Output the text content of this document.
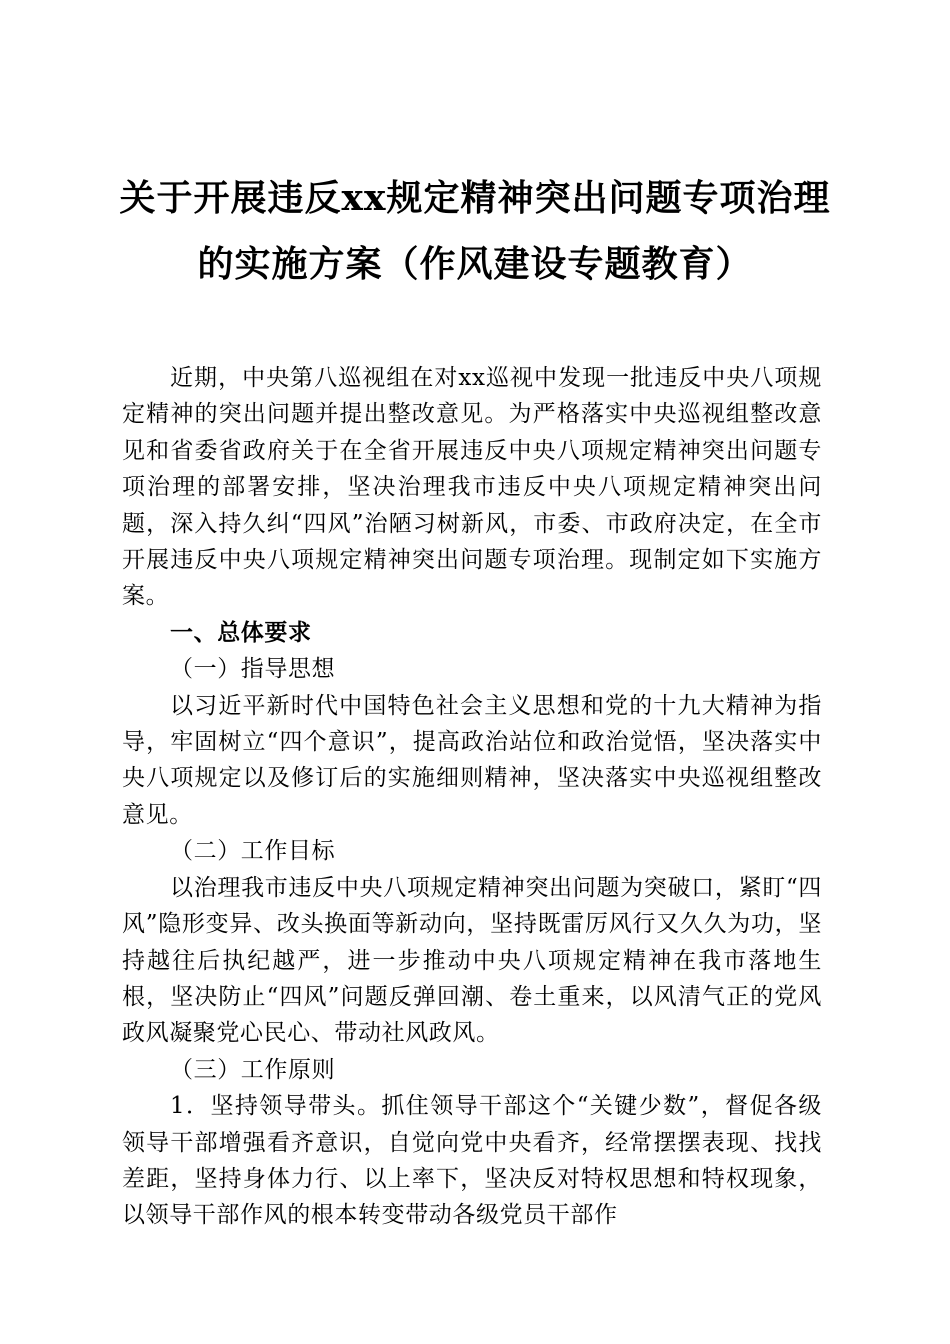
关于开展违反xx规定精神突出问题专项治理
的实施方案（作风建设专题教育）

近期，中央第八巡视组在对xx巡视中发现一批违反中央八项规定精神的突出问题并提出整改意见。为严格落实中央巡视组整改意见和省委省政府关于在全省开展违反中央八项规定精神突出问题专项治理的部署安排，坚决治理我市违反中央八项规定精神突出问题，深入持久纠“四风”治陋习树新风，市委、市政府决定，在全市开展违反中央八项规定精神突出问题专项治理。现制定如下实施方案。

一、总体要求

（一）指导思想

以习近平新时代中国特色社会主义思想和党的十九大精神为指导，牢固树立“四个意识”，提高政治站位和政治觉悟，坚决落实中央八项规定以及修订后的实施细则精神，坚决落实中央巡视组整改意见。

（二）工作目标

以治理我市违反中央八项规定精神突出问题为突破口，紧盯“四风”隐形变异、改头换面等新动向，坚持既雷厉风行又久久为功，坚持越往后执纪越严，进一步推动中央八项规定精神在我市落地生根，坚决防止“四风”问题反弹回潮、卷土重来，以风清气正的党风政风凝聚党心民心、带动社风政风。

（三）工作原则

1．坚持领导带头。抓住领导干部这个“关键少数”，督促各级领导干部增强看齐意识，自觉向党中央看齐，经常摆摆表现、找找差距，坚持身体力行、以上率下，坚决反对特权思想和特权现象，以领导干部作风的根本转变带动各级党员干部作
